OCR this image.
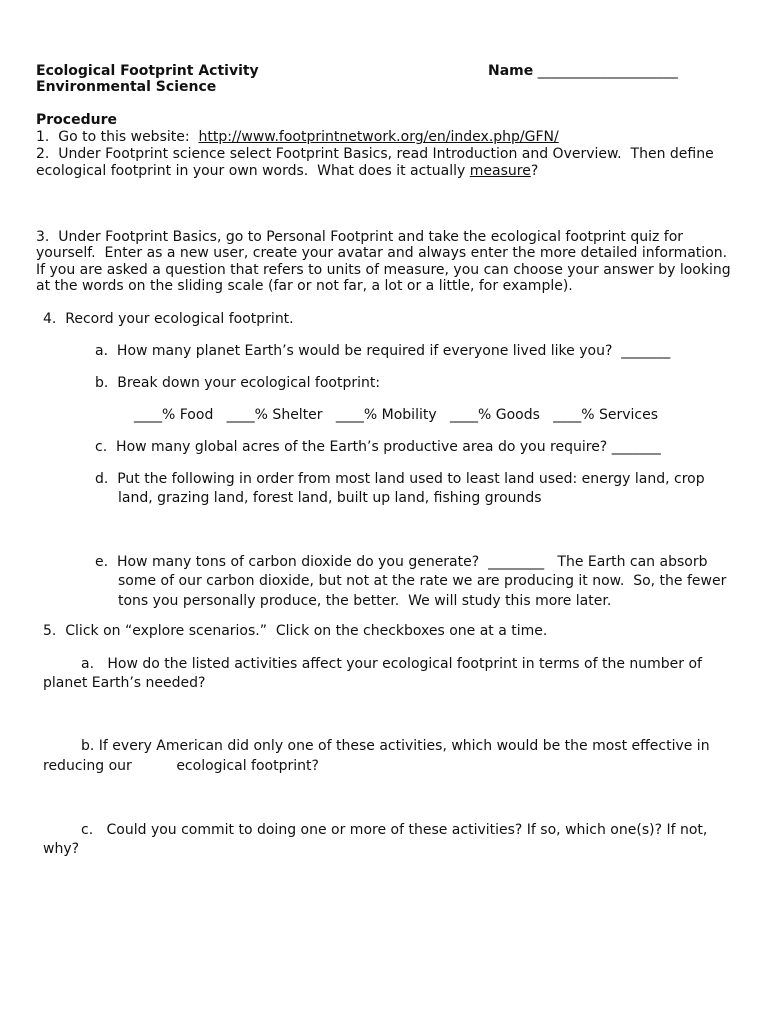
Ecological Footprint Activity
Environmental Science
Name ____________________
Procedure
1.  Go to this website:  http://www.footprintnetwork.org/en/index.php/GFN/
2.  Under Footprint science select Footprint Basics, read Introduction and Overview.  Then define
ecological footprint in your own words.  What does it actually measure?
3.  Under Footprint Basics, go to Personal Footprint and take the ecological footprint quiz for
yourself.  Enter as a new user, create your avatar and always enter the more detailed information.
If you are asked a question that refers to units of measure, you can choose your answer by looking
at the words on the sliding scale (far or not far, a lot or a little, for example).
4.  Record your ecological footprint.
a.  How many planet Earth’s would be required if everyone lived like you?  _______
b.  Break down your ecological footprint:
____% Food   ____% Shelter   ____% Mobility   ____% Goods   ____% Services
c.  How many global acres of the Earth’s productive area do you require? _______
d.  Put the following in order from most land used to least land used: energy land, crop
land, grazing land, forest land, built up land, fishing grounds
e.  How many tons of carbon dioxide do you generate?  ________   The Earth can absorb
some of our carbon dioxide, but not at the rate we are producing it now.  So, the fewer
tons you personally produce, the better.  We will study this more later.
5.  Click on “explore scenarios.”  Click on the checkboxes one at a time.
a.   How do the listed activities affect your ecological footprint in terms of the number of
planet Earth’s needed?
b. If every American did only one of these activities, which would be the most effective in
reducing our          ecological footprint?
c.   Could you commit to doing one or more of these activities? If so, which one(s)? If not,
why?
